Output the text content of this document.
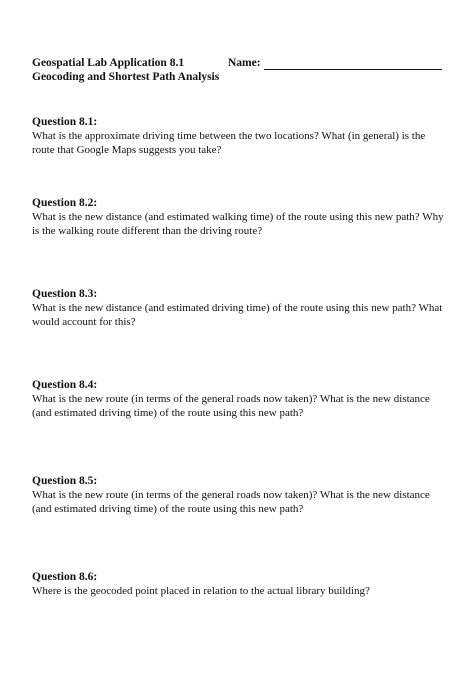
Geospatial Lab Application 8.1
Geocoding and Shortest Path Analysis
Name:
Question 8.1:
What is the approximate driving time between the two locations? What (in general) is the route that Google Maps suggests you take?
Question 8.2:
What is the new distance (and estimated walking time) of the route using this new path? Why is the walking route different than the driving route?
Question 8.3:
What is the new distance (and estimated driving time) of the route using this new path? What would account for this?
Question 8.4:
What is the new route (in terms of the general roads now taken)? What is the new distance (and estimated driving time) of the route using this new path?
Question 8.5:
What is the new route (in terms of the general roads now taken)? What is the new distance (and estimated driving time) of the route using this new path?
Question 8.6:
Where is the geocoded point placed in relation to the actual library building?
